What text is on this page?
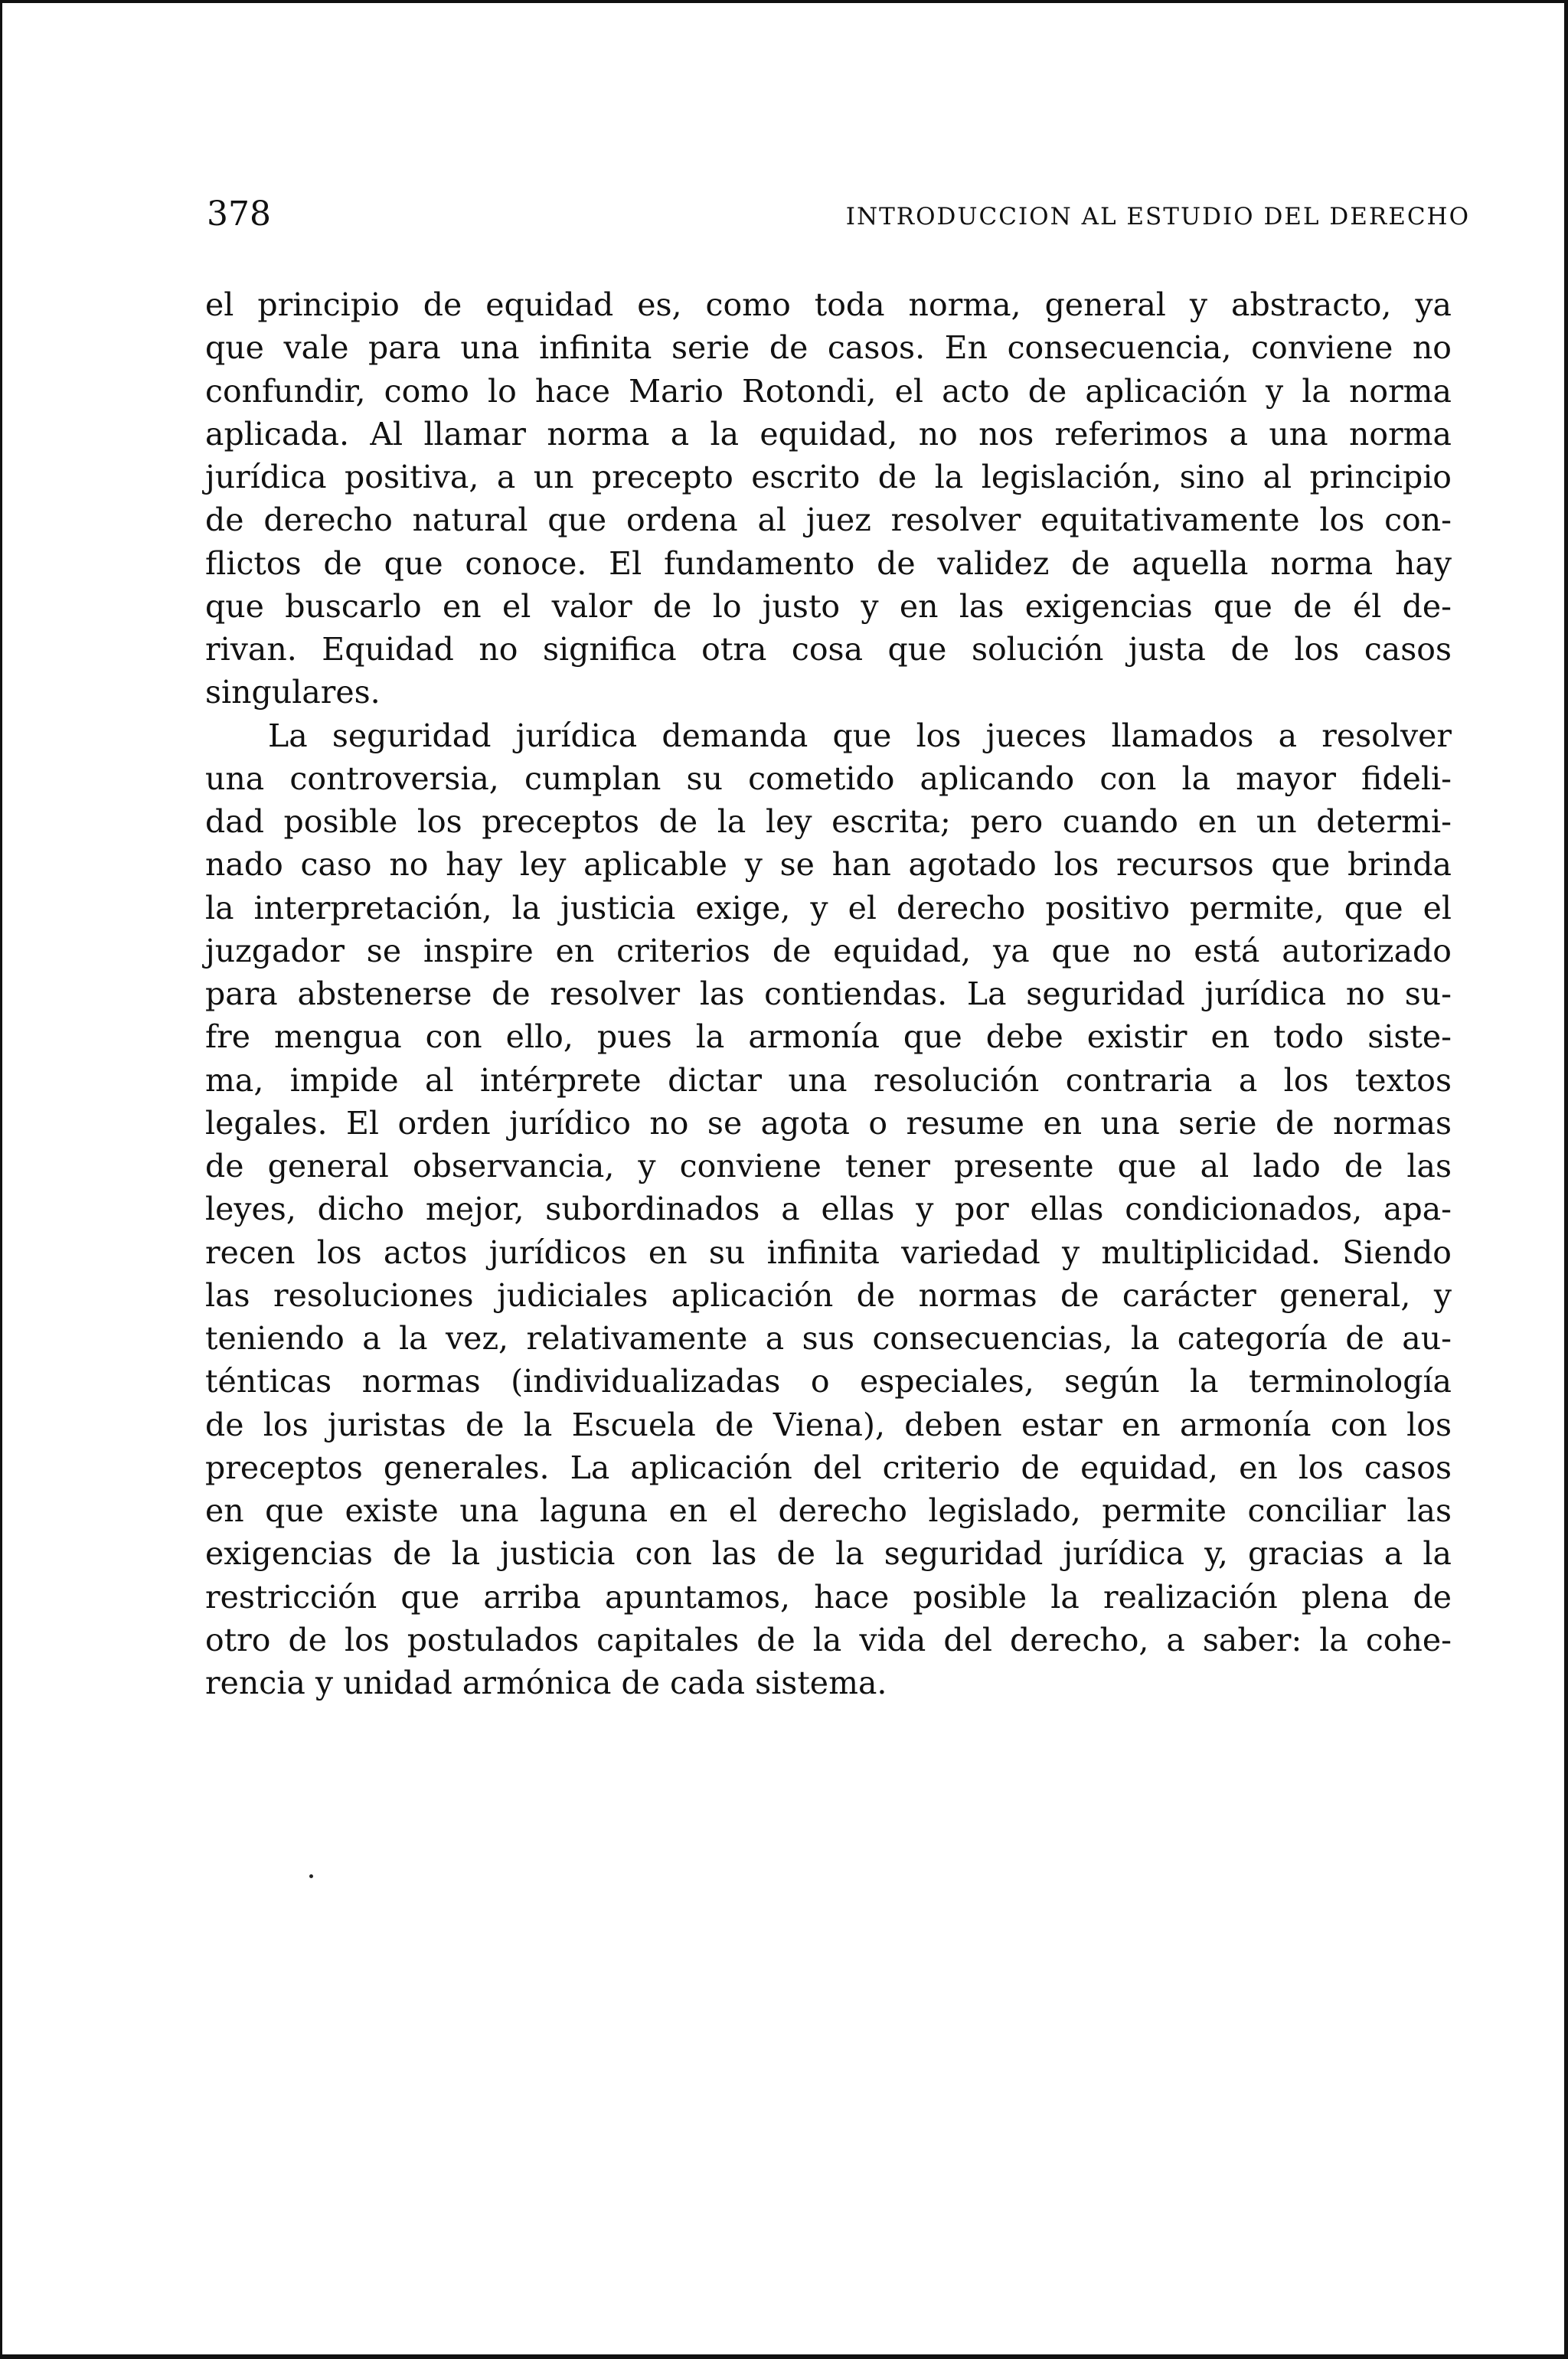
378	INTRODUCCION AL ESTUDIO DEL DERECHO
el principio de equidad es, como toda norma, general y abstracto, ya
que vale para una infinita serie de casos. En consecuencia, conviene no
confundir, como lo hace Mario Rotondi, el acto de aplicación y la norma
aplicada. Al llamar norma a la equidad, no nos referimos a una norma
jurídica positiva, a un precepto escrito de la legislación, sino al principio
de derecho natural que ordena al juez resolver equitativamente los con-
flictos de que conoce. El fundamento de validez de aquella norma hay
que buscarlo en el valor de lo justo y en las exigencias que de él de-
rivan. Equidad no significa otra cosa que solución justa de los casos
singulares.
La seguridad jurídica demanda que los jueces llamados a resolver
una controversia, cumplan su cometido aplicando con la mayor fideli-
dad posible los preceptos de la ley escrita; pero cuando en un determi-
nado caso no hay ley aplicable y se han agotado los recursos que brinda
la interpretación, la justicia exige, y el derecho positivo permite, que el
juzgador se inspire en criterios de equidad, ya que no está autorizado
para abstenerse de resolver las contiendas. La seguridad jurídica no su-
fre mengua con ello, pues la armonía que debe existir en todo siste-
ma, impide al intérprete dictar una resolución contraria a los textos
legales. El orden jurídico no se agota o resume en una serie de normas
de general observancia, y conviene tener presente que al lado de las
leyes, dicho mejor, subordinados a ellas y por ellas condicionados, apa-
recen los actos jurídicos en su infinita variedad y multiplicidad. Siendo
las resoluciones judiciales aplicación de normas de carácter general, y
teniendo a la vez, relativamente a sus consecuencias, la categoría de au-
ténticas normas (individualizadas o especiales, según la terminología
de los juristas de la Escuela de Viena), deben estar en armonía con los
preceptos generales. La aplicación del criterio de equidad, en los casos
en que existe una laguna en el derecho legislado, permite conciliar las
exigencias de la justicia con las de la seguridad jurídica y, gracias a la
restricción que arriba apuntamos, hace posible la realización plena de
otro de los postulados capitales de la vida del derecho, a saber: la cohe-
rencia y unidad armónica de cada sistema.
